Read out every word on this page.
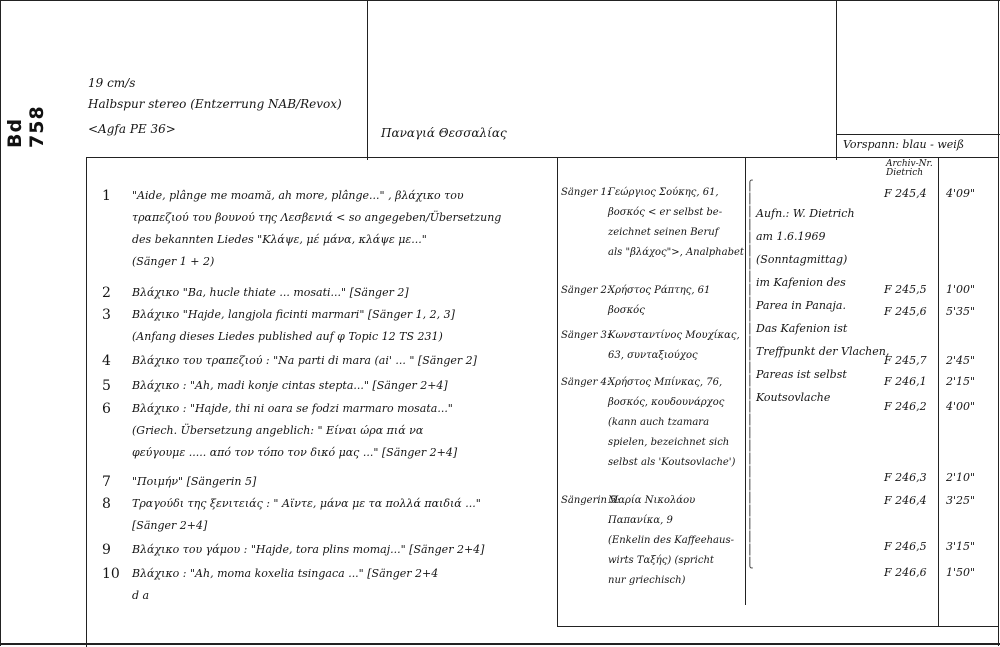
Bd 758
19 cm/s
Halbspur stereo (Entzerrung NAB/Revox)
<Agfa PE 36>	Παναγιά Θεσσαλίας
Vorspann: blau - weiß
Archiv-Nr. Dietrich
1 "Aide, plânge me moamă, ah more, plânge..." , βλάχικο του
τραπεζιού του βουνού της Λεσβενιά < so angegeben/Übersetzung
des bekannten Liedes "Κλάψε, μέ μάνα, κλάψε με..."
(Sänger 1 + 2)
F 245,4 4'09"
2 Βλάχικο "Ba, hucle thiate ... mosati..." [Sänger 2]	F 245,5 1'00"
3 Βλάχικο "Hajde, langjola ficinti marmari" [Sänger 1, 2, 3]
(Anfang dieses Liedes published auf φ Topic 12 TS 231)
F 245,6 5'35"
4 Βλάχικο του τραπεζιού : "Na parti di mara (ai' ... " [Sänger 2]	F 245,7 2'45"
5 Βλάχικο : "Ah, madi konje cintas stepta..." [Sänger 2+4]	F 246,1 2'15"
6 Βλάχικο : "Hajde, thi ni oara se fodzi marmaro mosata..."
(Griech. Übersetzung angeblich: " Είναι ώρα πιά να
φεύγουμε ..... από τον τόπο τον δικό μας ..." [Sänger 2+4]
F 246,2 4'00"
7 "Ποιμήν" [Sängerin 5]	F 246,3 2'10"
8 Τραγούδι της ξενιτειάς : " Αϊντε, μάνα με τα πολλά παιδιά ..."
[Sänger 2+4]
F 246,4 3'25"
9 Βλάχικο του γάμου : "Hajde, tora plins momaj..." [Sänger 2+4]	F 246,5 3'15"
10 Βλάχικο : "Ah, moma koxelia tsingaca ..." [Sänger 2+4
d a
F 246,6 1'50"
Sänger 1:
Γεώργιος Σούκης, 61,
βοσκός < er selbst be-
zeichnet seinen Beruf
als "βλάχος">, Analphabet
Sänger 2:
Χρήστος Ράπτης, 61
βοσκός
Sänger 3:
Κωνσταντίνος Μουχίκας,
63, συνταξιούχος
Sänger 4:
Χρήστος Μπίνκας, 76,
βοσκός, κουδουνάρχος
(kann auch tzamara
spielen, bezeichnet sich
selbst als 'Koutsovlache')
Sängerin 5:
Μαρία Νικολάου
Παπανίκα, 9
(Enkelin des Kaffeehaus-
wirts Ταξής) (spricht
nur griechisch)
⎧
⎪
⎪
⎪
⎪
⎪
⎪
⎪
⎪
⎪
⎪
⎪
⎪
⎪
⎪
⎪
⎪
⎪
⎪
⎪
⎪
⎪
⎪
⎪
⎪
⎪
⎪
⎪
⎪
⎩
Aufn.: W. Dietrich
am 1.6.1969
(Sonntagmittag)
im Kafenion des
Parea in Panaja.
Das Kafenion ist
Treffpunkt der Vlachen,
Pareas ist selbst
Koutsovlache
